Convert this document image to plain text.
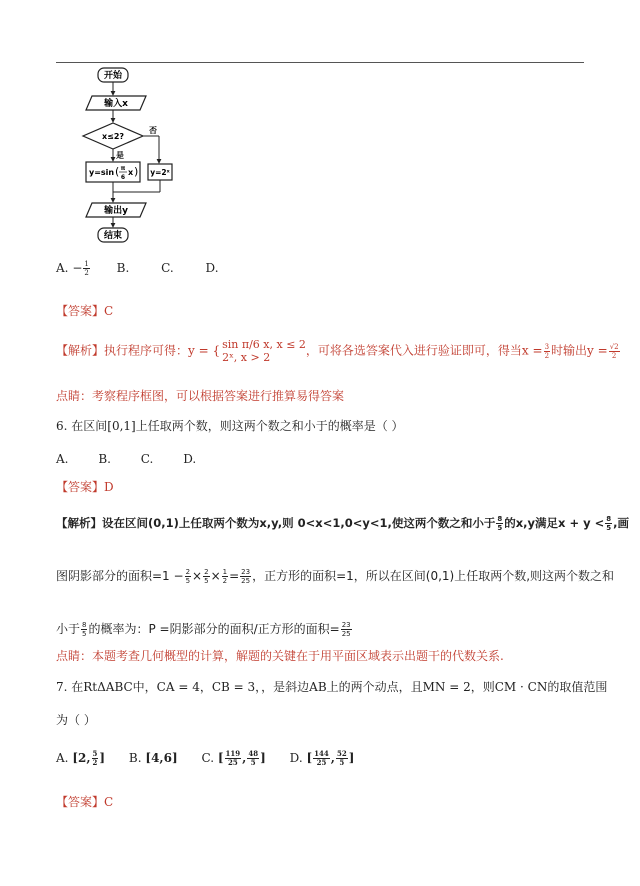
开始
输入x
x≤2?
否
是
y=sin ( π
6
x ) y=2ˣ
输出y
结束
A. − $\frac{1}{2} B$.	C.	D.
【答案】C
【解析】执行程序可得：y = { sin π/6 x, x ≤ 2
2ˣ, x > 2	，可将各选答案代入进行验证即可，得当$x = \frac{3}{2}$ 时输出$y = \frac{√2}{2}$
点睛：考察程序框图，可以根据答案进行推算易得答案
6. 在区间[0,1]上任取两个数，则这两个数之和小于的概率是（ ）
A. B. C. D.
【答案】D
【解析】设在区间(0,1)上任取两个数为x,y,则 0<x<1,0<y<1,使这两个数之和小于 $\frac{8}{5}$ 的x,y满足$x + y < \frac{8}{5}$ ,画
图阴影部分的面积$=1 - \frac{2}{5} \times \frac{2}{5} \times \frac{1}{2} = \frac{23}{25}$ ，正方形的面积=1，所以在区间(0,1)上任取两个数,则这两个数之和
小于 $\frac{8}{5}$ 的概率为：P =阴影部分的面积/正方形的面积= $\frac{23}{25}$
点睛：本题考查几何概型的计算，解题的关键在于用平面区域表示出题干的代数关系.
7. 在RtΔABC中，CA = 4，CB = 3，，是斜边AB上的两个动点，且MN = 2，则CM · CN的取值范围
为（ ）
A. [2, $\frac{5}{2}$ ] B. [4,6] C. [ $\frac{119}{25}$ , $\frac{48}{5}$ ] D. [ $\frac{144}{25}$ , $\frac{52}{5}$ ]
【答案】C
